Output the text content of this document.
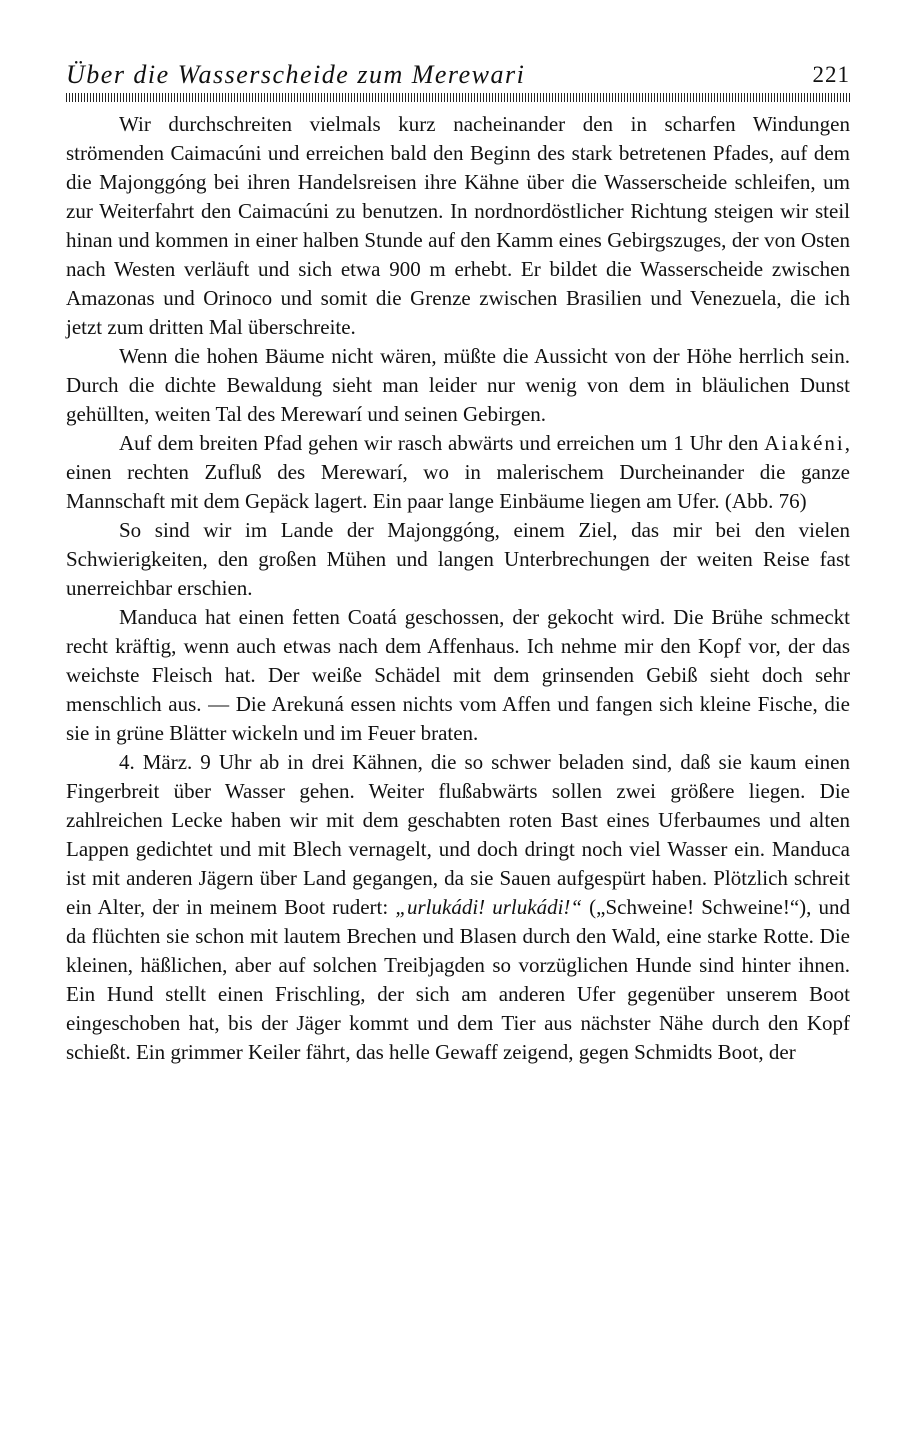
Über die Wasserscheide zum Merewari	221

Wir durchschreiten vielmals kurz nacheinander den in scharfen Windungen strömenden Caimacúni und erreichen bald den Beginn des stark betretenen Pfades, auf dem die Majonggóng bei ihren Handelsreisen ihre Kähne über die Wasserscheide schleifen, um zur Weiterfahrt den Caimacúni zu benutzen. In nordnordöstlicher Richtung steigen wir steil hinan und kommen in einer halben Stunde auf den Kamm eines Gebirgszuges, der von Osten nach Westen verläuft und sich etwa 900 m erhebt. Er bildet die Wasserscheide zwischen Amazonas und Orinoco und somit die Grenze zwischen Brasilien und Venezuela, die ich jetzt zum dritten Mal überschreite.

Wenn die hohen Bäume nicht wären, müßte die Aussicht von der Höhe herrlich sein. Durch die dichte Bewaldung sieht man leider nur wenig von dem in bläulichen Dunst gehüllten, weiten Tal des Merewarí und seinen Gebirgen.

Auf dem breiten Pfad gehen wir rasch abwärts und erreichen um 1 Uhr den Aiakéni, einen rechten Zufluß des Merewarí, wo in malerischem Durcheinander die ganze Mannschaft mit dem Gepäck lagert. Ein paar lange Einbäume liegen am Ufer. (Abb. 76)

So sind wir im Lande der Majonggóng, einem Ziel, das mir bei den vielen Schwierigkeiten, den großen Mühen und langen Unterbrechungen der weiten Reise fast unerreichbar erschien.

Manduca hat einen fetten Coatá geschossen, der gekocht wird. Die Brühe schmeckt recht kräftig, wenn auch etwas nach dem Affenhaus. Ich nehme mir den Kopf vor, der das weichste Fleisch hat. Der weiße Schädel mit dem grinsenden Gebiß sieht doch sehr menschlich aus. — Die Arekuná essen nichts vom Affen und fangen sich kleine Fische, die sie in grüne Blätter wickeln und im Feuer braten.

4. März. 9 Uhr ab in drei Kähnen, die so schwer beladen sind, daß sie kaum einen Fingerbreit über Wasser gehen. Weiter flußabwärts sollen zwei größere liegen. Die zahlreichen Lecke haben wir mit dem geschabten roten Bast eines Uferbaumes und alten Lappen gedichtet und mit Blech vernagelt, und doch dringt noch viel Wasser ein. Manduca ist mit anderen Jägern über Land gegangen, da sie Sauen aufgespürt haben. Plötzlich schreit ein Alter, der in meinem Boot rudert: „urlukádi! urlukádi!“ („Schweine! Schweine!“), und da flüchten sie schon mit lautem Brechen und Blasen durch den Wald, eine starke Rotte. Die kleinen, häßlichen, aber auf solchen Treibjagden so vorzüglichen Hunde sind hinter ihnen. Ein Hund stellt einen Frischling, der sich am anderen Ufer gegenüber unserem Boot eingeschoben hat, bis der Jäger kommt und dem Tier aus nächster Nähe durch den Kopf schießt. Ein grimmer Keiler fährt, das helle Gewaff zeigend, gegen Schmidts Boot, der
